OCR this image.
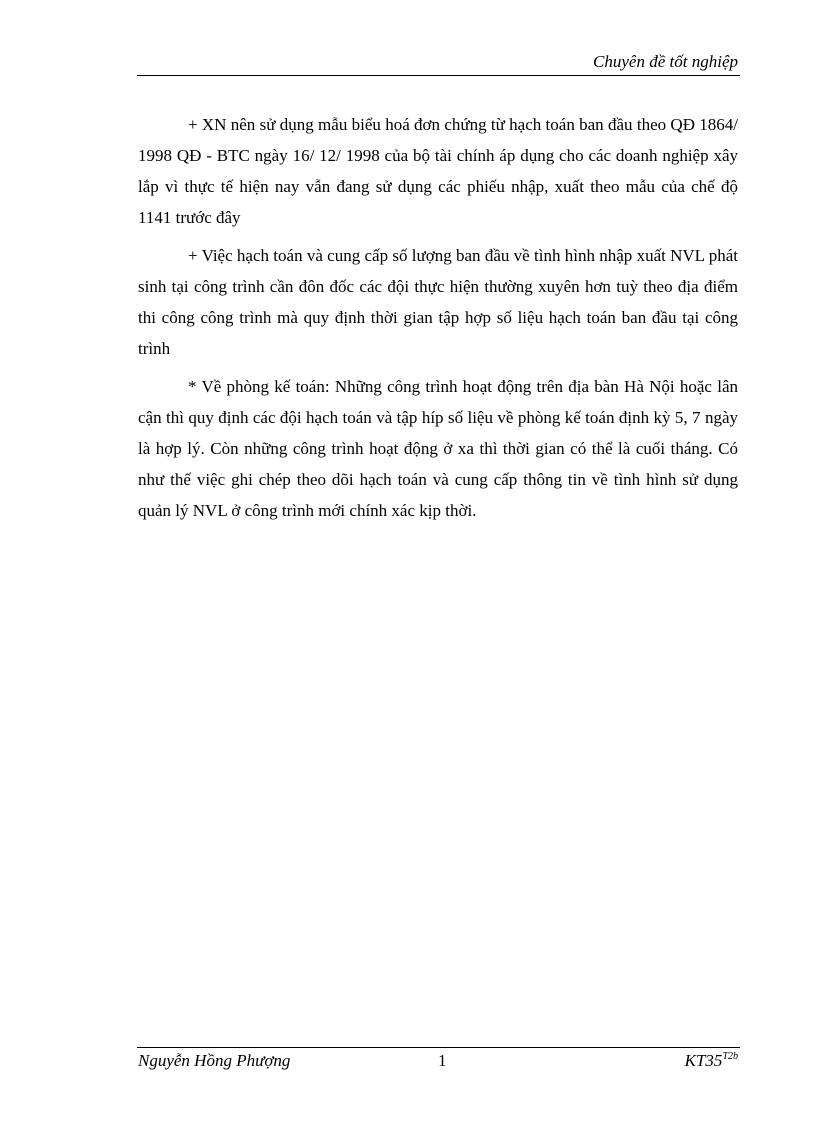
Chuyên đề tốt nghiệp

+ XN nên sử dụng mẫu biểu hoá đơn chứng từ hạch toán ban đầu theo QĐ 1864/ 1998 QĐ - BTC ngày 16/ 12/ 1998 của bộ tài chính áp dụng cho các doanh nghiệp xây lắp vì thực tế hiện nay vẫn đang sử dụng các phiếu nhập, xuất theo mẫu của chế độ 1141 trước đây

+ Việc hạch toán và cung cấp số lượng ban đầu về tình hình nhập xuất NVL phát sinh tại công trình cần đôn đốc các đội thực hiện thường xuyên hơn tuỳ theo địa điểm thi công công trình mà quy định thời gian tập hợp số liệu hạch toán ban đầu tại công trình

* Về phòng kế toán: Những công trình hoạt động trên địa bàn Hà Nội hoặc lân cận thì quy định các đội hạch toán và tập híp số liệu về phòng kế toán định kỳ 5, 7 ngày là hợp lý. Còn những công trình hoạt động ở xa thì thời gian có thể là cuối tháng. Có như thế việc ghi chép theo dõi hạch toán và cung cấp thông tin về tình hình sử dụng quản lý NVL ở công trình mới chính xác kịp thời.

Nguyễn Hồng Phượng	1	$KT35^{T2b}$
